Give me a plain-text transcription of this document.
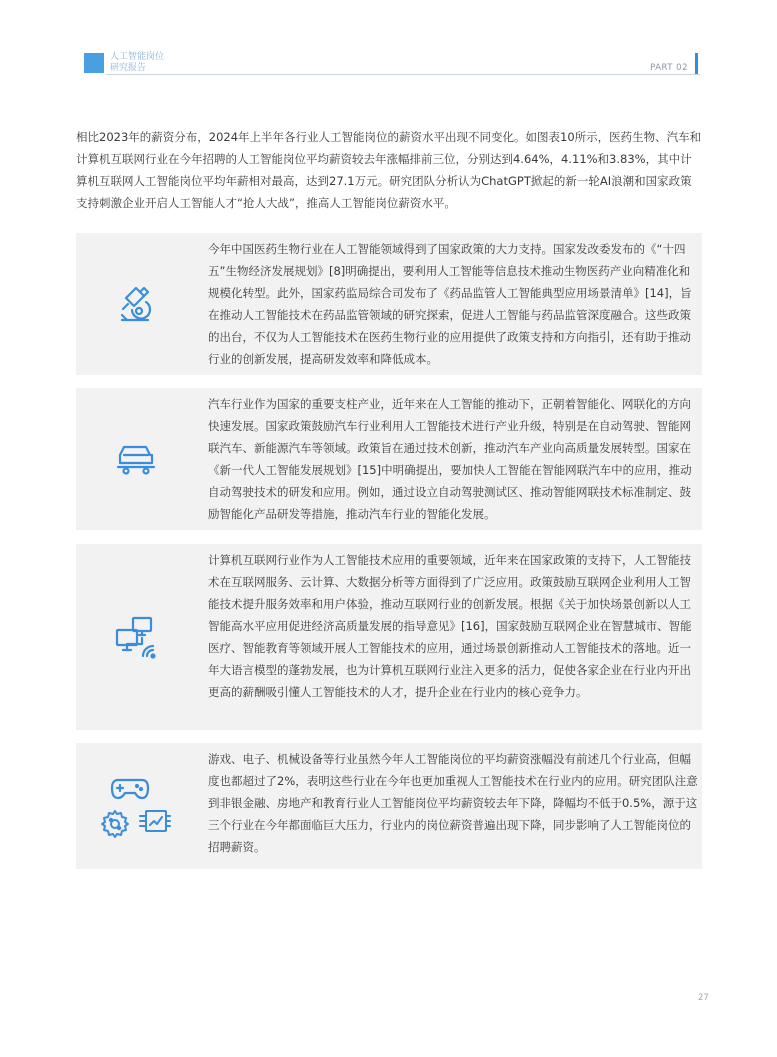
人工智能岗位
研究报告	PART 02
相比2023年的薪资分布，2024年上半年各行业人工智能岗位的薪资水平出现不同变化。如图表10所示，医药生物、汽车和计算机互联网行业在今年招聘的人工智能岗位平均薪资较去年涨幅排前三位，分别达到4.64%，4.11%和3.83%，其中计算机互联网人工智能岗位平均年薪相对最高，达到27.1万元。研究团队分析认为ChatGPT掀起的新一轮AI浪潮和国家政策支持刺激企业开启人工智能人才“抢人大战”，推高人工智能岗位薪资水平。
今年中国医药生物行业在人工智能领域得到了国家政策的大力支持。国家发改委发布的《“十四五”生物经济发展规划》[8]明确提出，要利用人工智能等信息技术推动生物医药产业向精准化和规模化转型。此外，国家药监局综合司发布了《药品监管人工智能典型应用场景清单》[14]，旨在推动人工智能技术在药品监管领域的研究探索，促进人工智能与药品监管深度融合。这些政策的出台，不仅为人工智能技术在医药生物行业的应用提供了政策支持和方向指引，还有助于推动行业的创新发展，提高研发效率和降低成本。
汽车行业作为国家的重要支柱产业，近年来在人工智能的推动下，正朝着智能化、网联化的方向快速发展。国家政策鼓励汽车行业利用人工智能技术进行产业升级，特别是在自动驾驶、智能网联汽车、新能源汽车等领域。政策旨在通过技术创新，推动汽车产业向高质量发展转型。国家在《新一代人工智能发展规划》[15]中明确提出，要加快人工智能在智能网联汽车中的应用，推动自动驾驶技术的研发和应用。例如，通过设立自动驾驶测试区、推动智能网联技术标准制定、鼓励智能化产品研发等措施，推动汽车行业的智能化发展。
计算机互联网行业作为人工智能技术应用的重要领域，近年来在国家政策的支持下，人工智能技术在互联网服务、云计算、大数据分析等方面得到了广泛应用。政策鼓励互联网企业利用人工智能技术提升服务效率和用户体验，推动互联网行业的创新发展。根据《关于加快场景创新以人工智能高水平应用促进经济高质量发展的指导意见》[16]，国家鼓励互联网企业在智慧城市、智能医疗、智能教育等领域开展人工智能技术的应用，通过场景创新推动人工智能技术的落地。近一年大语言模型的蓬勃发展，也为计算机互联网行业注入更多的活力，促使各家企业在行业内开出更高的薪酬吸引懂人工智能技术的人才，提升企业在行业内的核心竞争力。
游戏、电子、机械设备等行业虽然今年人工智能岗位的平均薪资涨幅没有前述几个行业高，但幅度也都超过了2%，表明这些行业在今年也更加重视人工智能技术在行业内的应用。研究团队注意到非银金融、房地产和教育行业人工智能岗位平均薪资较去年下降，降幅均不低于0.5%，源于这三个行业在今年都面临巨大压力，行业内的岗位薪资普遍出现下降，同步影响了人工智能岗位的招聘薪资。
27
